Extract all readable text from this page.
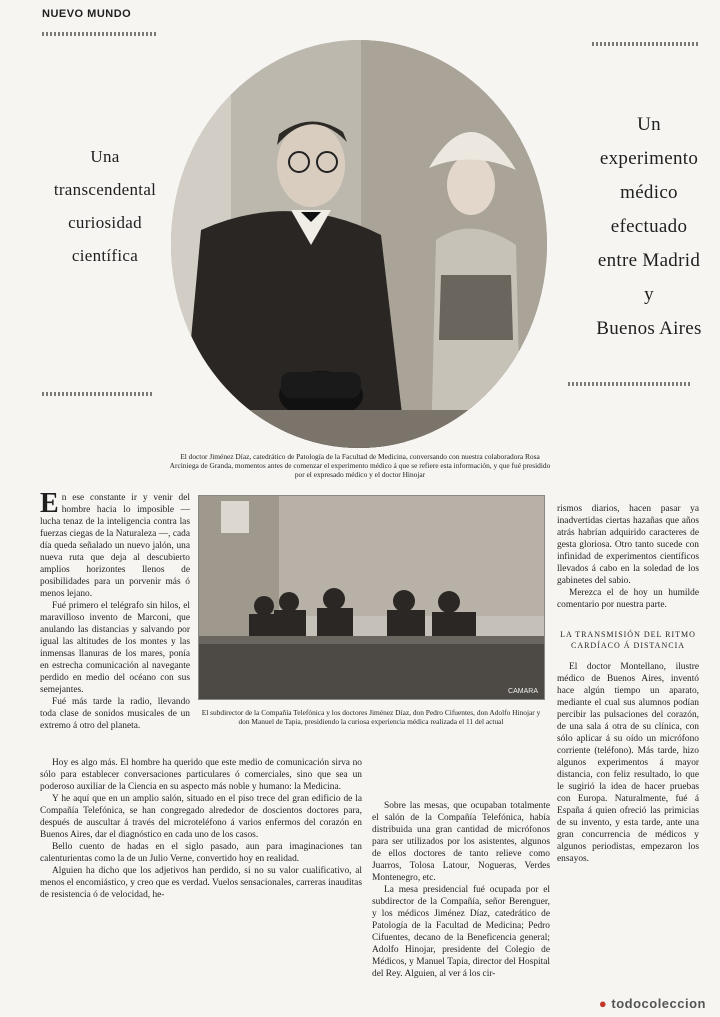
NUEVO MUNDO
Una
transcendental
curiosidad
científica
Un
experimento
médico
efectuado
entre Madrid
y
Buenos Aires
El doctor Jiménez Díaz, catedrático de Patología de la Facultad de Medicina, conversando con nuestra colaboradora Rosa Arciniega de Granda, momentos antes de comenzar el experimento médico á que se refiere esta información, y que fué presidido por el expresado médico y el doctor Hinojar

E n ese constante ir y venir del hombre hacia lo imposible — lucha tenaz de la inteligencia contra las fuerzas ciegas de la Naturaleza —, cada día queda señalado un nuevo jalón, una nueva ruta que deja al descubierto amplios horizontes llenos de posibilidades para un porvenir más ó menos lejano.

Fué primero el telégrafo sin hilos, el maravilloso invento de Marconi, que anulando las distancias y salvando por igual las altitudes de los montes y las inmensas llanuras de los mares, ponía en estrecha comunicación al navegante perdido en medio del océano con sus semejantes.

Fué más tarde la radio, llevando toda clase de sonidos musicales de un extremo á otro del planeta.

CAMARA
El subdirector de la Compañía Telefónica y los doctores Jiménez Díaz, don Pedro Cifuentes, don Adolfo Hinojar y don Manuel de Tapia, presidiendo la curiosa experiencia médica realizada el 11 del actual

rismos diarios, hacen pasar ya inadvertidas ciertas hazañas que años atrás habrían adquirido caracteres de gesta gloriosa. Otro tanto sucede con infinidad de experimentos científicos llevados á cabo en la soledad de los gabinetes del sabio.

Merezca el de hoy un humilde comentario por nuestra parte.

LA TRANSMISIÓN DEL RITMO CARDÍACO Á DISTANCIA

El doctor Montellano, ilustre médico de Buenos Aires, inventó hace algún tiempo un aparato, mediante el cual sus alumnos podían percibir las pulsaciones del corazón, de una sala á otra de su clínica, con sólo aplicar á su oído un micrófono corriente (teléfono). Más tarde, hizo algunos experimentos á mayor distancia, con feliz resultado, lo que le sugirió la idea de hacer pruebas con Europa. Naturalmente, fué á España á quien ofreció las primicias de su invento, y esta tarde, ante una gran concurrencia de médicos y algunos periodistas, empezaron los ensayos.

Hoy es algo más. El hombre ha querido que este medio de comunicación sirva no sólo para establecer conversaciones particulares ó comerciales, sino que sea un poderoso auxiliar de la Ciencia en su aspecto más noble y humano: la Medicina.

Y he aquí que en un amplio salón, situado en el piso trece del gran edificio de la Compañía Telefónica, se han congregado alrededor de doscientos doctores para, después de auscultar á través del microteléfono á varios enfermos del corazón en Buenos Aires, dar el diagnóstico en cada uno de los casos.

Bello cuento de hadas en el siglo pasado, aun para imaginaciones tan calenturientas como la de un Julio Verne, convertido hoy en realidad.

Alguien ha dicho que los adjetivos han perdido, si no su valor cualificativo, al menos el encomiástico, y creo que es verdad. Vuelos sensacionales, carreras inauditas de resistencia ó de velocidad, he-

Sobre las mesas, que ocupaban totalmente el salón de la Compañía Telefónica, había distribuida una gran cantidad de micrófonos para ser utilizados por los asistentes, algunos de ellos doctores de tanto relieve como Juarros, Tolosa Latour, Nogueras, Verdes Montenegro, etc.

La mesa presidencial fué ocupada por el subdirector de la Compañía, señor Berenguer, y los médicos Jiménez Díaz, catedrático de Patología de la Facultad de Medicina; Pedro Cifuentes, decano de la Beneficencia general; Adolfo Hinojar, presidente del Colegio de Médicos, y Manuel Tapia, director del Hospital del Rey. Alguien, al ver á los cir-

● todocoleccion
